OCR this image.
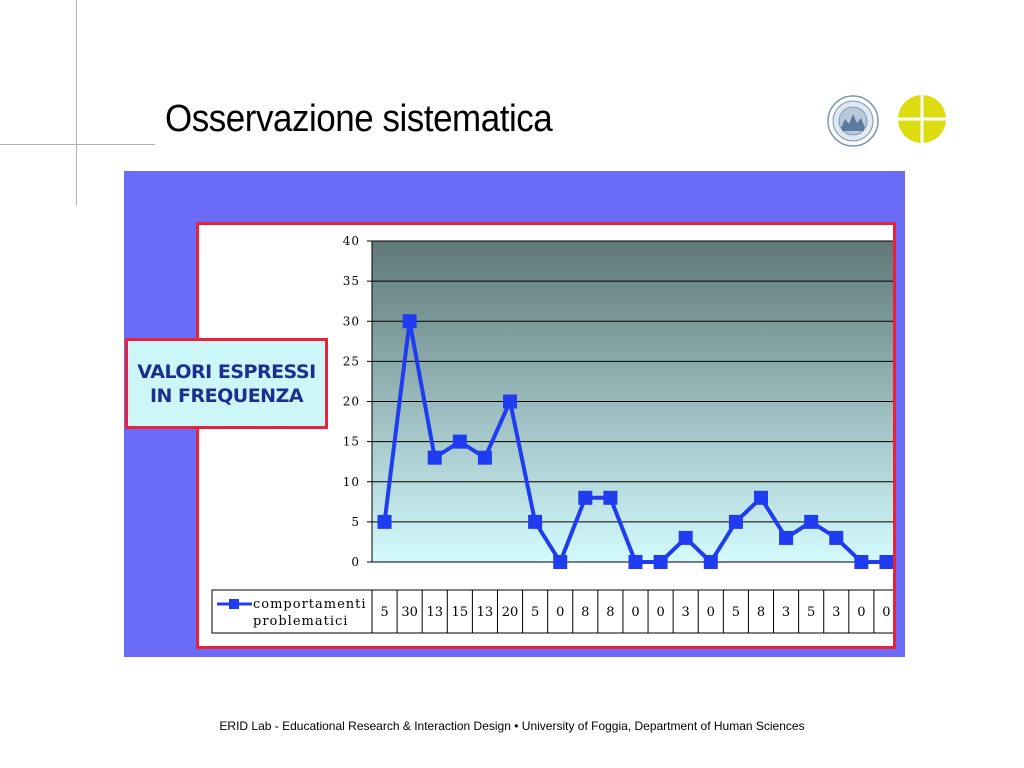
Osservazione sistematica
0
5
10
15
20
25
30
35
40
comportamenti
problematici
5 30 13 15 13 20 5 0 8 8 0 0 3 0 5 8 3 5 3 0 0
VALORI ESPRESSI
IN FREQUENZA
ERID Lab - Educational Research & Interaction Design • University of Foggia, Department of Human Sciences
